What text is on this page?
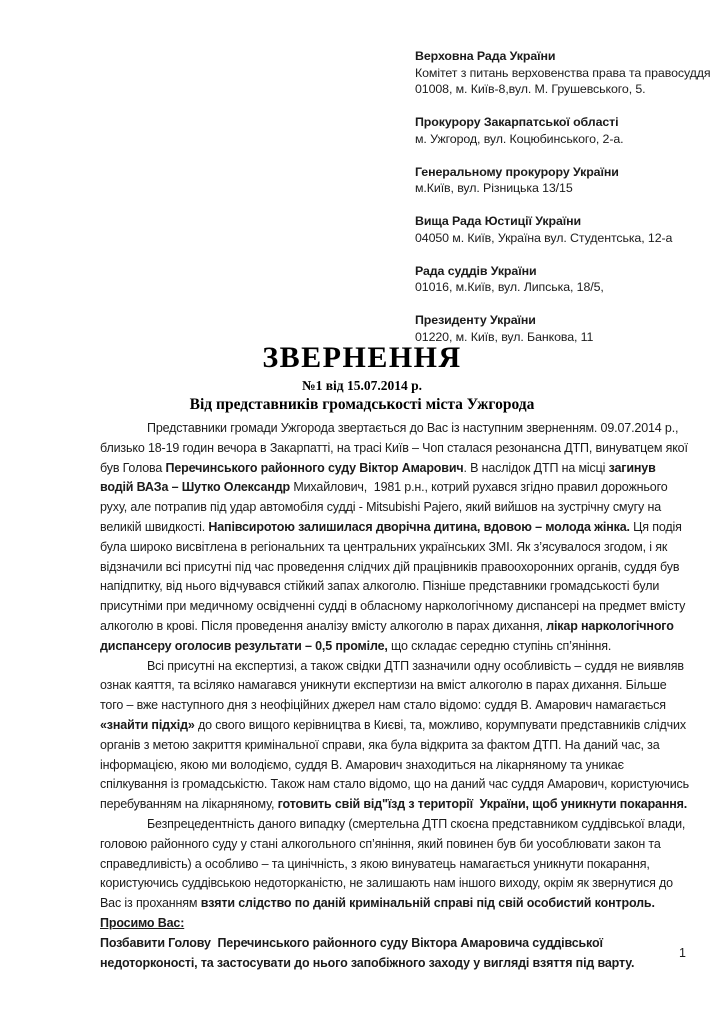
Верховна Рада України
Комітет з питань верховенства права та правосуддя
01008, м. Київ-8,вул. М. Грушевського, 5.
Прокурору Закарпатської області
м. Ужгород, вул. Коцюбинського, 2-а.
Генеральному прокурору України
м.Київ, вул. Різницька 13/15
Вища Рада Юстиції України
04050 м. Київ, Україна вул. Студентська, 12-а
Рада суддів України
01016, м.Київ, вул. Липська, 18/5,
Президенту України
01220, м. Київ, вул. Банкова, 11
ЗВЕРНЕННЯ
№1 від 15.07.2014 р.
Від представників громадськості міста Ужгорода

Представники громади Ужгорода звертається до Вас із наступним зверненням. 09.07.2014 р., близько 18-19 годин вечора в Закарпатті, на трасі Київ – Чоп сталася резонансна ДТП, винуватцем якої  був Голова Перечинського районного суду Віктор Амарович. В наслідок ДТП на місці загинув водій ВАЗа – Шутко Олександр Михайлович,  1981 р.н., котрий рухався згідно правил дорожнього руху, але потрапив під удар автомобіля судді - Mitsubishi Pajero, який вийшов на зустрічну смугу на великій швидкості. Напівсиротою залишилася дворічна дитина, вдовою – молода жінка. Ця подія була широко висвітлена в регіональних та центральних українських ЗМІ. Як з’ясувалося згодом, і як відзначили всі присутні під час проведення слідчих дій працівників правоохоронних органів, суддя був напідпитку, від нього відчувався стійкий запах алкоголю. Пізніше представники громадськості були присутніми при медичному освідченні судді в обласному наркологічному диспансері на предмет вмісту алкоголю в крові. Після проведення аналізу вмісту алкоголю в парах дихання, лікар наркологічного диспансеру оголосив результати – 0,5 проміле, що складає середню ступінь сп’яніння.

Всі присутні на експертизі, а також свідки ДТП зазначили одну особливість – суддя не виявляв ознак каяття, та всіляко намагався уникнути експертизи на вміст алкоголю в парах дихання. Більше того – вже наступного дня з неофіційних джерел нам стало відомо: суддя В. Амарович намагається «знайти підхід» до свого вищого керівництва в Києві, та, можливо, корумпувати представників слідчих органів з метою закриття кримінальної справи, яка була відкрита за фактом ДТП. На даний час, за інформацією, якою ми володіємо, суддя В. Амарович знаходиться на лікарняному та уникає спілкування із громадськістю. Також нам стало відомо, що на даний час суддя Амарович, користуючись перебуванням на лікарняному, готовить свій від"їзд з території  України, щоб уникнути покарання.

Безпрецедентність даного випадку (смертельна ДТП скоєна представником суддівської влади, головою районного суду у стані алкогольного сп’яніння, який повинен був би уособлювати закон та справедливість) а особливо – та цинічність, з якою винуватець намагається уникнути покарання, користуючись суддівською недоторканістю, не залишають нам іншого виходу, окрім як звернутися до Вас із проханням взяти слідство по даній кримінальній справі під свій особистий контроль.

Просимо Вас:

Позбавити Голову  Перечинського районного суду Віктора Амаровича суддівської недоторконості, та застосувати до нього запобіжного заходу у вигляді взяття під варту.

1
